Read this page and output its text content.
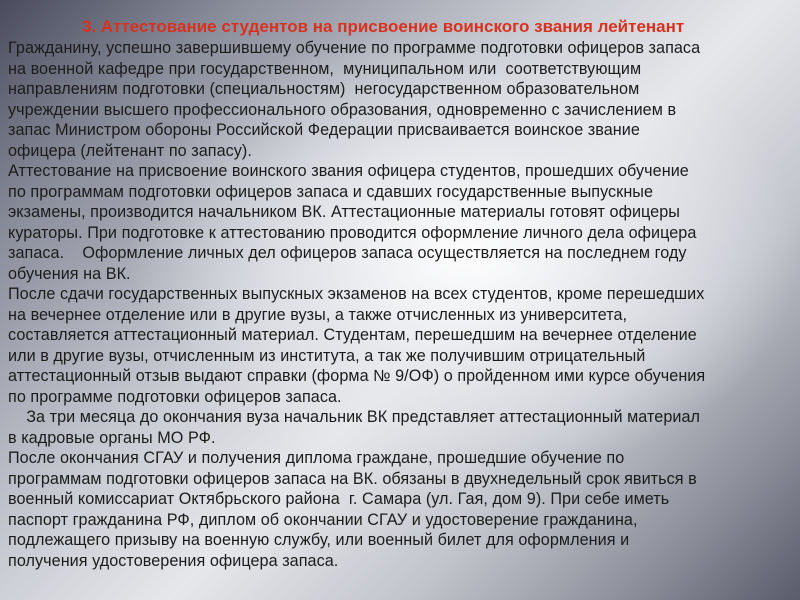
3. Аттестование студентов на присвоение воинского звания лейтенант
Гражданину, успешно завершившему обучение по программе подготовки офицеров запаса
на военной кафедре при государственном,  муниципальном или  соответствующим
направлениям подготовки (специальностям)  негосударственном образовательном
учреждении высшего профессионального образования, одновременно с зачислением в
запас Министром обороны Российской Федерации присваивается воинское звание
офицера (лейтенант по запасу).
Аттестование на присвоение воинского звания офицера студентов, прошедших обучение
по программам подготовки офицеров запаса и сдавших государственные выпускные
экзамены, производится начальником ВК. Аттестационные материалы готовят офицеры
кураторы. При подготовке к аттестованию проводится оформление личного дела офицера
запаса.    Оформление личных дел офицеров запаса осуществляется на последнем году
обучения на ВК.
После сдачи государственных выпускных экзаменов на всех студентов, кроме перешедших
на вечернее отделение или в другие вузы, а также отчисленных из университета,
составляется аттестационный материал. Студентам, перешедшим на вечернее отделение
или в другие вузы, отчисленным из института, а так же получившим отрицательный
аттестационный отзыв выдают справки (форма № 9/ОФ) о пройденном ими курсе обучения
по программе подготовки офицеров запаса.
За три месяца до окончания вуза начальник ВК представляет аттестационный материал
в кадровые органы МО РФ.
После окончания СГАУ и получения диплома граждане, прошедшие обучение по
программам подготовки офицеров запаса на ВК. обязаны в двухнедельный срок явиться в
военный комиссариат Октябрьского района  г. Самара (ул. Гая, дом 9). При себе иметь
паспорт гражданина РФ, диплом об окончании СГАУ и удостоверение гражданина,
подлежащего призыву на военную службу, или военный билет для оформления и
получения удостоверения офицера запаса.
